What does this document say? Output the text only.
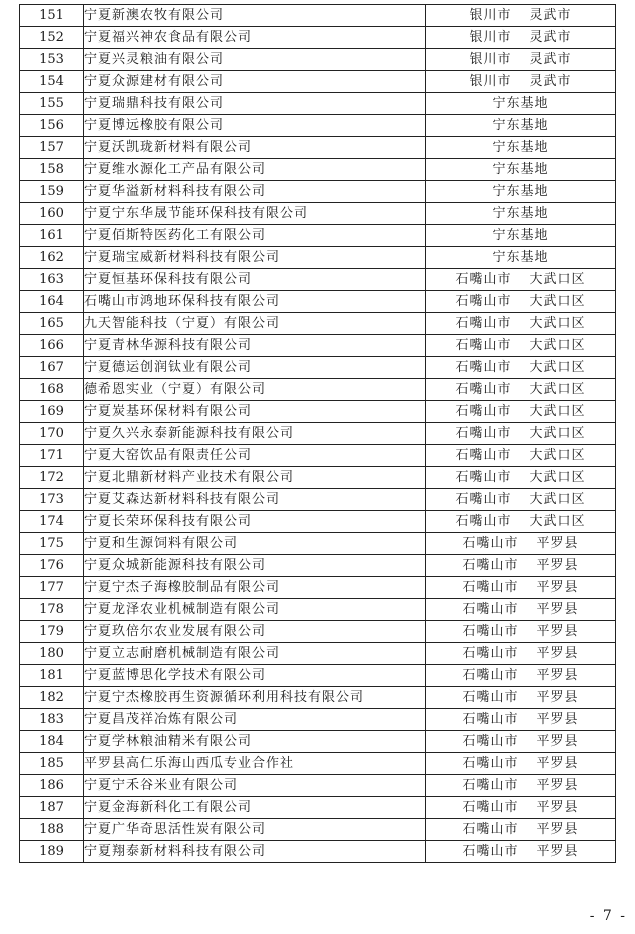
151	宁夏新澳农牧有限公司	银川市 灵武市
152	宁夏福兴神农食品有限公司	银川市 灵武市
153	宁夏兴灵粮油有限公司	银川市 灵武市
154	宁夏众源建材有限公司	银川市 灵武市
155	宁夏瑞鼎科技有限公司	宁东基地
156	宁夏博远橡胶有限公司	宁东基地
157	宁夏沃凯珑新材料有限公司	宁东基地
158	宁夏维水源化工产品有限公司	宁东基地
159	宁夏华溢新材料科技有限公司	宁东基地
160	宁夏宁东华晟节能环保科技有限公司	宁东基地
161	宁夏佰斯特医药化工有限公司	宁东基地
162	宁夏瑞宝威新材料科技有限公司	宁东基地
163	宁夏恒基环保科技有限公司	石嘴山市 大武口区
164	石嘴山市鸿地环保科技有限公司	石嘴山市 大武口区
165	九天智能科技（宁夏）有限公司	石嘴山市 大武口区
166	宁夏青林华源科技有限公司	石嘴山市 大武口区
167	宁夏德运创润钛业有限公司	石嘴山市 大武口区
168	德希恩实业（宁夏）有限公司	石嘴山市 大武口区
169	宁夏炭基环保材料有限公司	石嘴山市 大武口区
170	宁夏久兴永泰新能源科技有限公司	石嘴山市 大武口区
171	宁夏大窑饮品有限责任公司	石嘴山市 大武口区
172	宁夏北鼎新材料产业技术有限公司	石嘴山市 大武口区
173	宁夏艾森达新材料科技有限公司	石嘴山市 大武口区
174	宁夏长荣环保科技有限公司	石嘴山市 大武口区
175	宁夏和生源饲料有限公司	石嘴山市 平罗县
176	宁夏众城新能源科技有限公司	石嘴山市 平罗县
177	宁夏宁杰子海橡胶制品有限公司	石嘴山市 平罗县
178	宁夏龙泽农业机械制造有限公司	石嘴山市 平罗县
179	宁夏玖倍尔农业发展有限公司	石嘴山市 平罗县
180	宁夏立志耐磨机械制造有限公司	石嘴山市 平罗县
181	宁夏蓝博思化学技术有限公司	石嘴山市 平罗县
182	宁夏宁杰橡胶再生资源循环利用科技有限公司	石嘴山市 平罗县
183	宁夏昌茂祥冶炼有限公司	石嘴山市 平罗县
184	宁夏学林粮油精米有限公司	石嘴山市 平罗县
185	平罗县高仁乐海山西瓜专业合作社	石嘴山市 平罗县
186	宁夏宁禾谷米业有限公司	石嘴山市 平罗县
187	宁夏金海新科化工有限公司	石嘴山市 平罗县
188	宁夏广华奇思活性炭有限公司	石嘴山市 平罗县
189	宁夏翔泰新材料科技有限公司	石嘴山市 平罗县
- 7 -
